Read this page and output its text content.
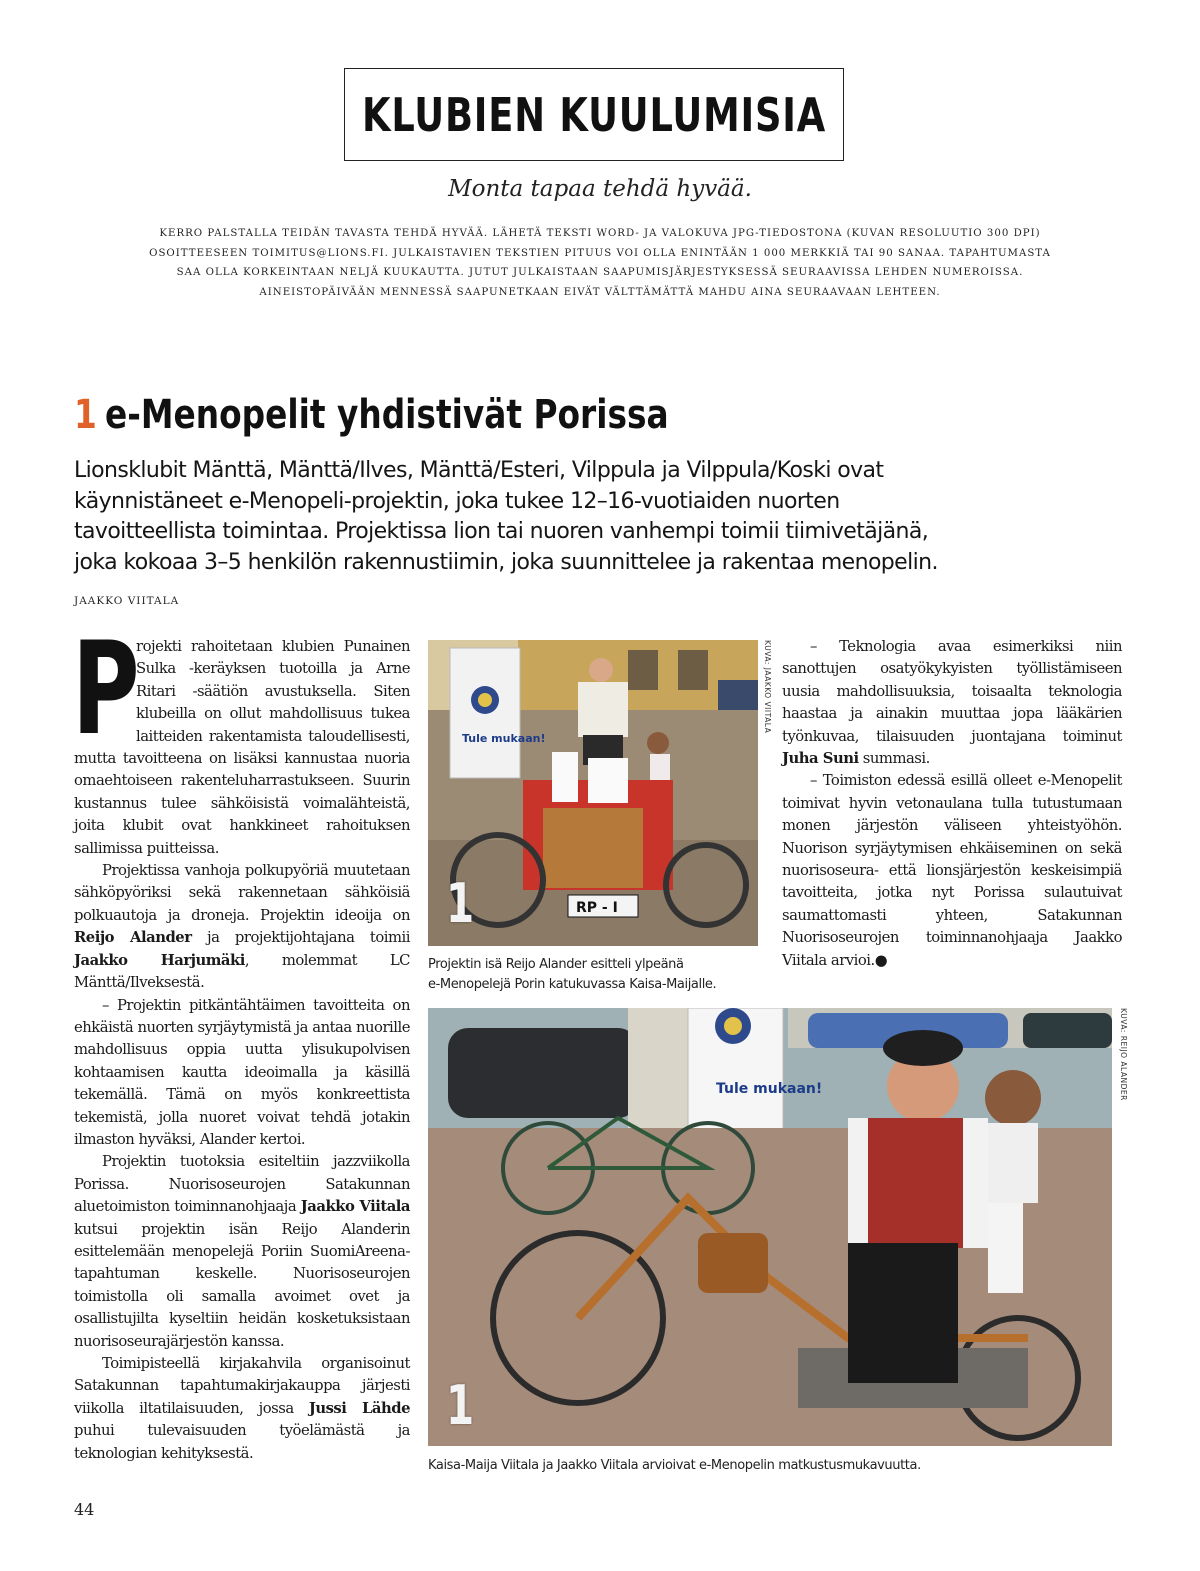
KLUBIEN KUULUMISIA
Monta tapaa tehdä hyvää.
KERRO PALSTALLA TEIDÄN TAVASTA TEHDÄ HYVÄÄ. LÄHETÄ TEKSTI WORD- JA VALOKUVA JPG-TIEDOSTONA (KUVAN RESOLUUTIO 300 DPI)
OSOITTEESEEN TOIMITUS@LIONS.FI. JULKAISTAVIEN TEKSTIEN PITUUS VOI OLLA ENINTÄÄN 1 000 MERKKIÄ TAI 90 SANAA. TAPAHTUMASTA
SAA OLLA KORKEINTAAN NELJÄ KUUKAUTTA. JUTUT JULKAISTAAN SAAPUMISJÄRJESTYKSESSÄ SEURAAVISSA LEHDEN NUMEROISSA.
AINEISTOPÄIVÄÄN MENNESSÄ SAAPUNETKAAN EIVÄT VÄLTTÄMÄTTÄ MAHDU AINA SEURAAVAAN LEHTEEN.
1 e-Menopelit yhdistivät Porissa

Lionsklubit Mänttä, Mänttä/Ilves, Mänttä/Esteri, Vilppula ja Vilppula/Koski ovat

käynnistäneet e-Menopeli-projektin, joka tukee 12–16-vuotiaiden nuorten

tavoitteellista toimintaa. Projektissa lion tai nuoren vanhempi toimii tiimivetäjänä,

joka kokoaa 3–5 henkilön rakennustiimin, joka suunnittelee ja rakentaa menopelin.

JAAKKO VIITALA

P
rojekti rahoitetaan klubien Punainen Sulka -keräyksen tuotoilla ja Arne Ritari -säätiön avustuksella. Siten klubeilla on ollut mahdollisuus tukea laitteiden rakentamista taloudellisesti, mutta tavoitteena on lisäksi kannustaa nuoria omaehtoiseen rakenteluharrastukseen. Suurin kustannus tulee sähköisistä voimalähteistä, joita klubit ovat hankkineet rahoituksen sallimissa puitteissa.

Projektissa vanhoja polkupyöriä muutetaan sähköpyöriksi sekä rakennetaan sähköisiä polkuautoja ja droneja. Projektin ideoija on Reijo Alander ja projektijohtajana toimii Jaakko Harjumäki, molemmat LC Mänttä/Ilveksestä.

– Projektin pitkäntähtäimen tavoitteita on ehkäistä nuorten syrjäytymistä ja antaa nuorille mahdollisuus oppia uutta ylisukupolvisen kohtaamisen kautta ideoimalla ja käsillä tekemällä. Tämä on myös konkreettista tekemistä, jolla nuoret voivat tehdä jotakin ilmaston hyväksi, Alander kertoi.

Projektin tuotoksia esiteltiin jazzviikolla Porissa. Nuorisoseurojen Satakunnan aluetoimiston toiminnanohjaaja Jaakko Viitala kutsui projektin isän Reijo Alanderin esittelemään menopelejä Poriin SuomiAreena-tapahtuman keskelle. Nuorisoseurojen toimistolla oli samalla avoimet ovet ja osallistujilta kyseltiin heidän kosketuksistaan nuorisoseurajärjestön kanssa.

Toimipisteellä kirjakahvila organisoinut Satakunnan tapahtumakirjakauppa järjesti viikolla iltatilaisuuden, jossa Jussi Lähde puhui tulevaisuuden työelämästä ja teknologian kehityksestä.

– Teknologia avaa esimerkiksi niin sanottujen osatyökykyisten työllistämiseen uusia mahdollisuuksia, toisaalta teknologia haastaa ja ainakin muuttaa jopa lääkärien työnkuvaa, tilaisuuden juontajana toiminut Juha Suni summasi.

– Toimiston edessä esillä olleet e-Menopelit toimivat hyvin vetonaulana tulla tutustumaan monen järjestön väliseen yhteistyöhön. Nuorison syrjäytymisen ehkäiseminen on sekä nuorisoseura- että lionsjärjestön keskeisimpiä tavoitteita, jotka nyt Porissa sulautuivat saumattomasti yhteen, Satakunnan Nuorisoseurojen toiminnanohjaaja Jaakko Viitala arvioi.●

Tule mukaan!
RP - I
1
KUVA: JAAKKO VIITALA
Projektin isä Reijo Alander esitteli ylpeänä
e-Menopelejä Porin katukuvassa Kaisa-Maijalle.
Tule mukaan!
1
KUVA: REIJO ALANDER
Kaisa-Maija Viitala ja Jaakko Viitala arvioivat e-Menopelin matkustusmukavuutta.
44
